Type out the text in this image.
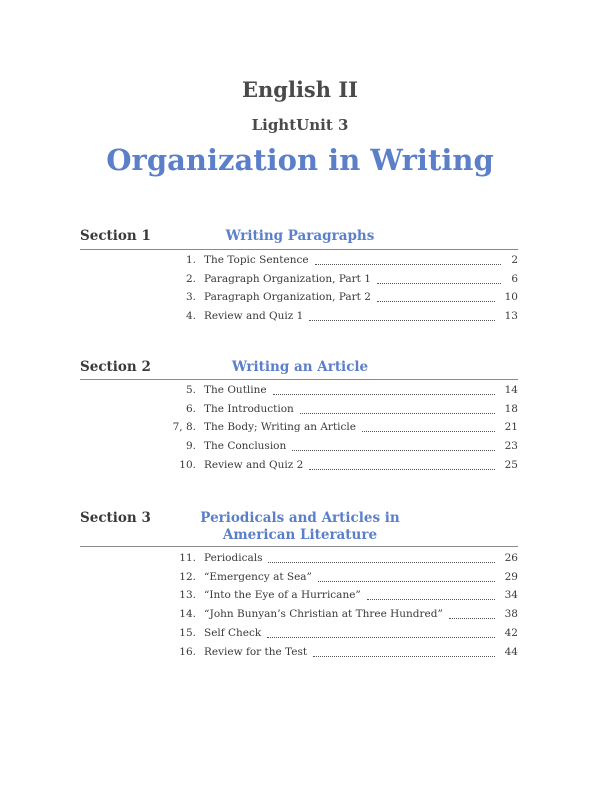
English II
LightUnit 3
Organization in Writing
Section 1	Writing Paragraphs
1. The Topic Sentence	2
2. Paragraph Organization, Part 1	6
3. Paragraph Organization, Part 2	10
4. Review and Quiz 1	13
Section 2	Writing an Article
5. The Outline	14
6. The Introduction	18
7, 8. The Body; Writing an Article	21
9. The Conclusion	23
10. Review and Quiz 2	25
Section 3	Periodicals and Articles in
American Literature
11. Periodicals	26
12. “Emergency at Sea”	29
13. “Into the Eye of a Hurricane”	34
14. “John Bunyan’s Christian at Three Hundred”	38
15. Self Check	42
16. Review for the Test	44
